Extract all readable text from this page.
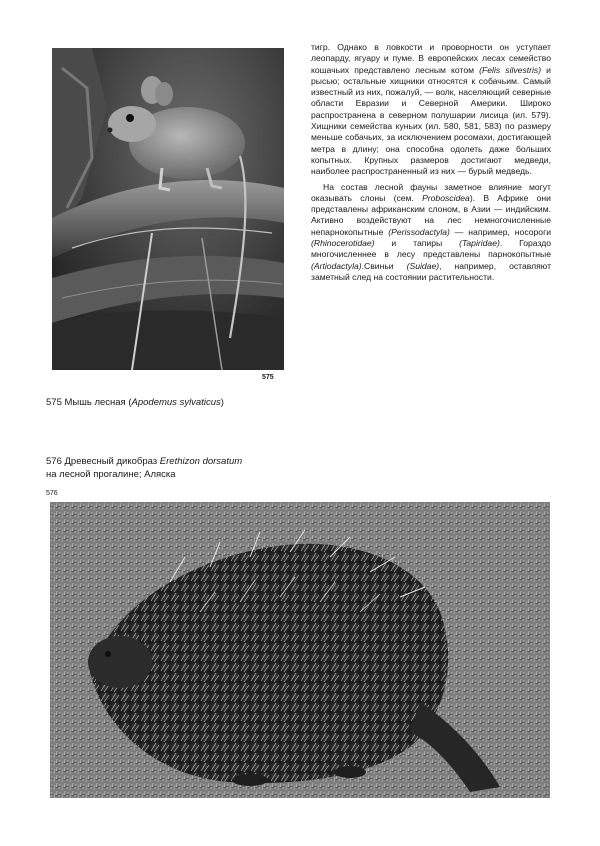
575
575 Мышь лесная (Apodemus sylvaticus)

тигр. Однако в ловкости и проворности он уступает леопарду, ягуару и пуме. В европейских лесах семейство кошачьих представлено лесным котом (Felis silvestris) и рысью; остальные хищники относятся к собачьим. Самый известный из них, пожалуй, — волк, населяющий северные области Евразии и Северной Америки. Широко распространена в северном полушарии лисица (ил. 579). Хищники семейства куньих (ил. 580, 581, 583) по размеру меньше собачьих, за исключением росомахи, достигающей метра в длину; она способна одолеть даже больших копытных. Крупных размеров достигают медведи, наиболее распространенный из них — бурый медведь.

На состав лесной фауны заметное влияние могут оказывать слоны (сем. Proboscidea). В Африке они представлены африканским слоном, в Азии — индийским. Активно воздействуют на лес немногочисленные непарнокопытные (Perissodactyla) — например, носороги (Rhinocerotidae) и тапиры (Tapiridae). Гораздо многочисленнее в лесу представлены парнокопытные (Artiodactyla).Свиньи (Suidae), например, оставляют заметный след на состоянии растительности.

576 Древесный дикобраз Erethizon dorsatum
на лесной прогалине; Аляска
576
